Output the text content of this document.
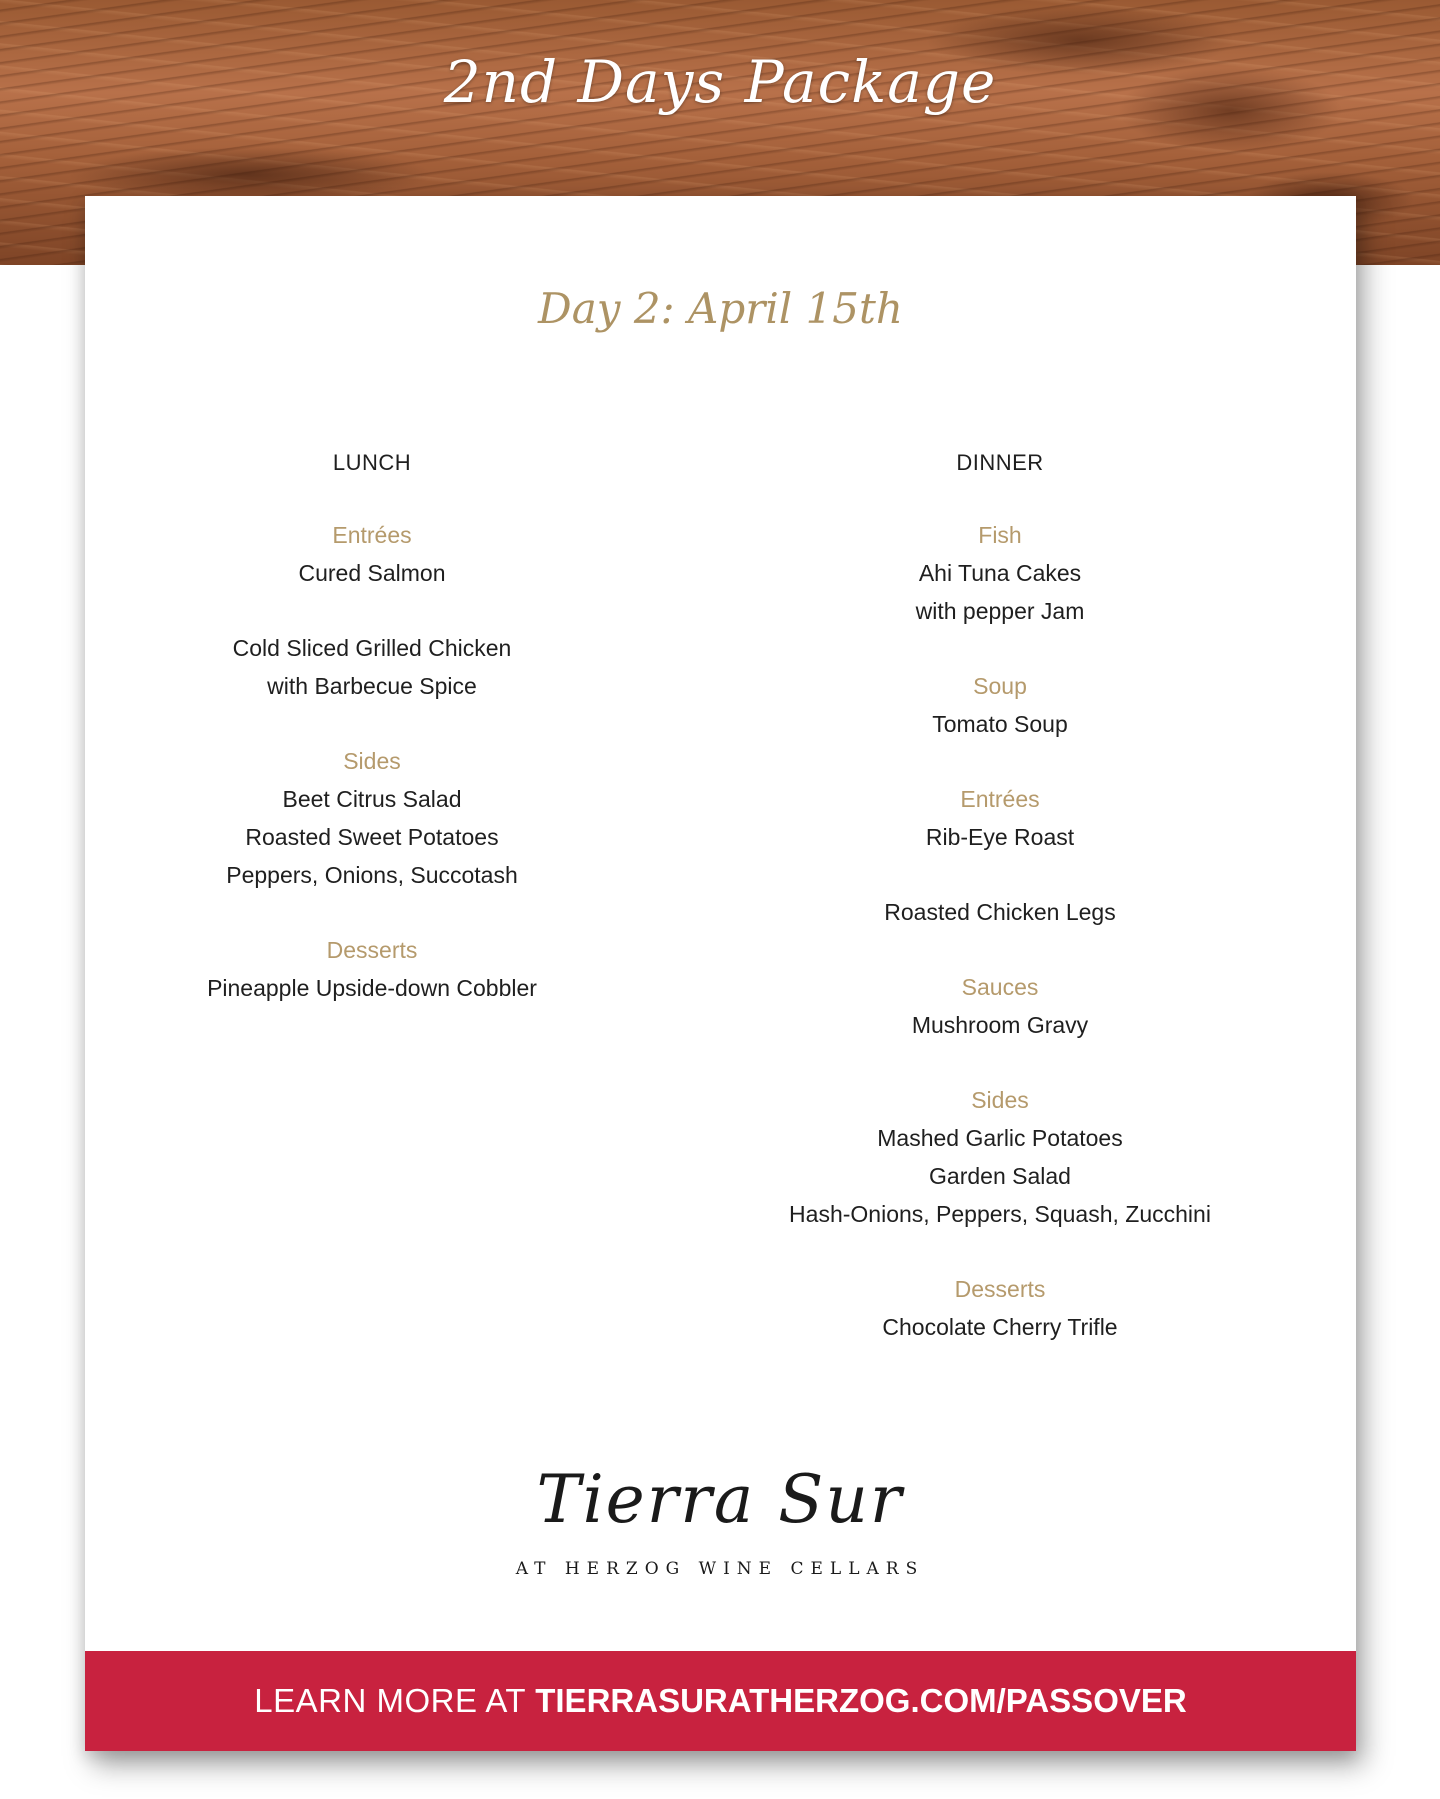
2nd Days Package
Day 2: April 15th
LUNCH
Entrées
Cured Salmon
Cold Sliced Grilled Chicken
with Barbecue Spice
Sides
Beet Citrus Salad
Roasted Sweet Potatoes
Peppers, Onions, Succotash
Desserts
Pineapple Upside-down Cobbler
DINNER
Fish
Ahi Tuna Cakes
with pepper Jam
Soup
Tomato Soup
Entrées
Rib-Eye Roast
Roasted Chicken Legs
Sauces
Mushroom Gravy
Sides
Mashed Garlic Potatoes
Garden Salad
Hash-Onions, Peppers, Squash, Zucchini
Desserts
Chocolate Cherry Trifle
Tierra Sur
AT HERZOG WINE CELLARS
LEARN MORE AT TIERRASURATHERZOG.COM/PASSOVER
